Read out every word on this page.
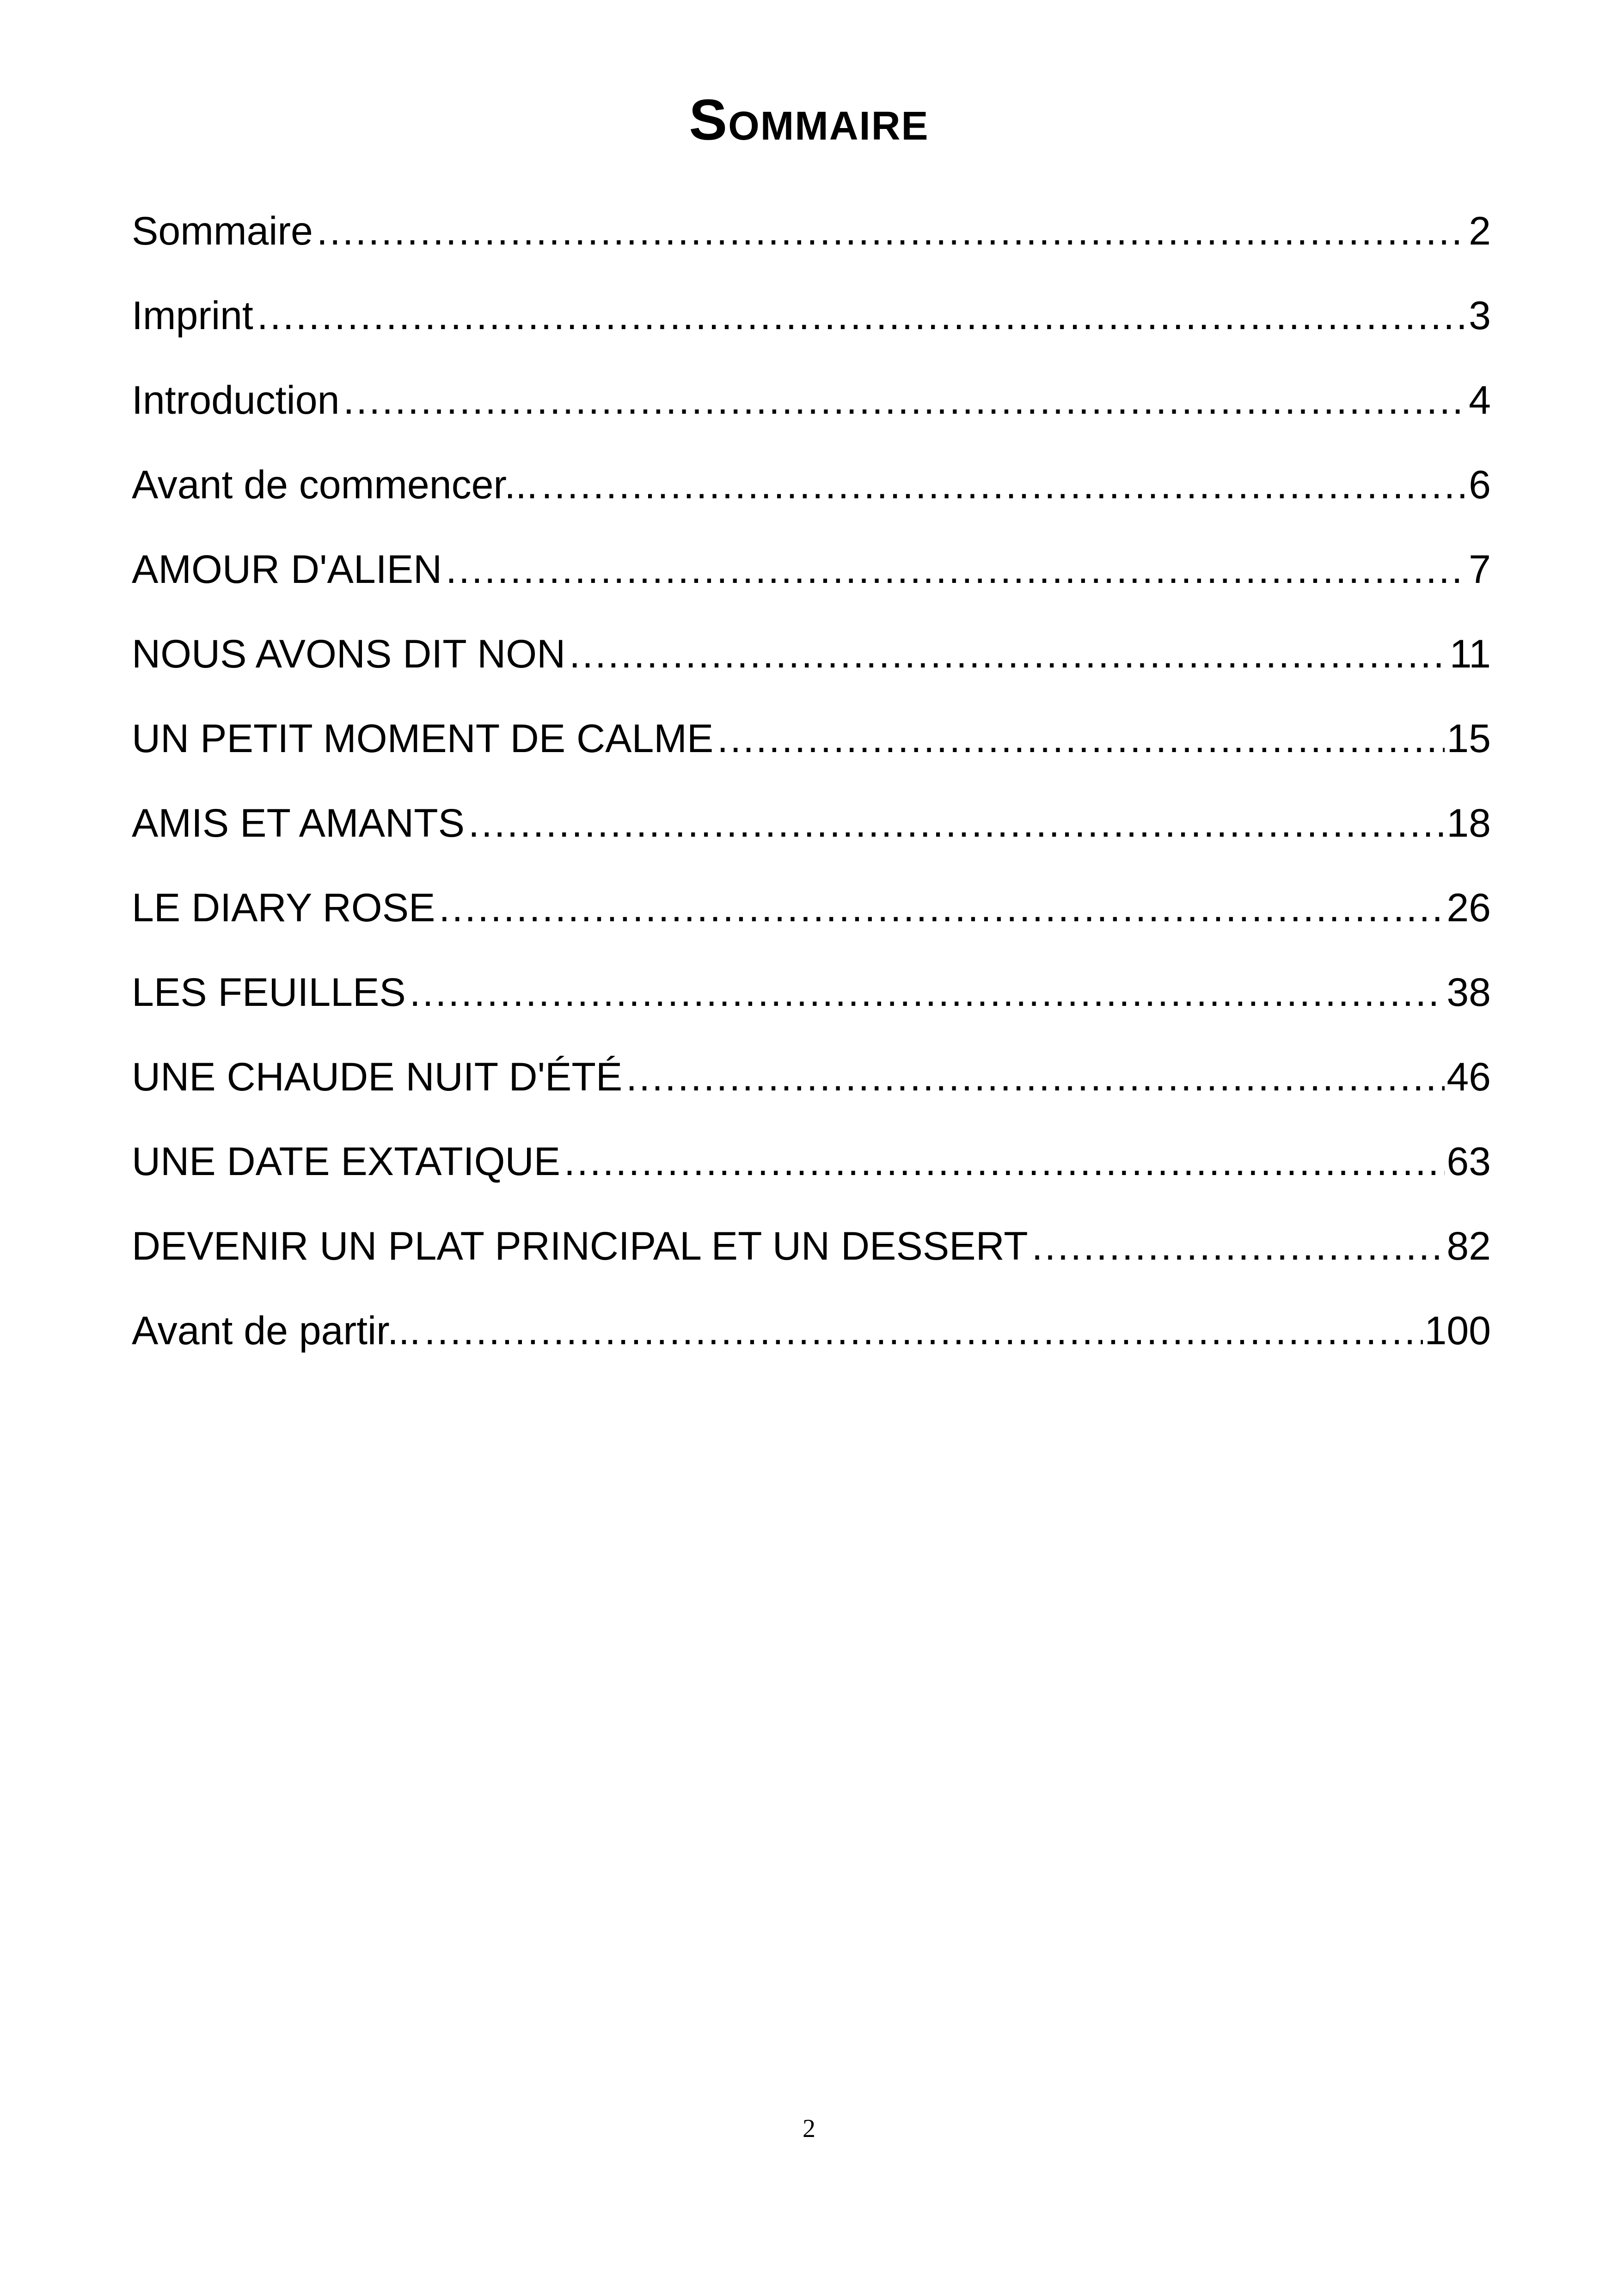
Sommaire
Sommaire .....	2
Imprint .....	3
Introduction .....	4
Avant de commencer... .....	6
AMOUR D'ALIEN .....	7
NOUS AVONS DIT NON .....	11
UN PETIT MOMENT DE CALME .....	15
AMIS ET AMANTS .....	18
LE DIARY ROSE .....	26
LES FEUILLES .....	38
UNE CHAUDE NUIT D'ÉTÉ .....	46
UNE DATE EXTATIQUE .....	63
DEVENIR UN PLAT PRINCIPAL ET UN DESSERT .....	82
Avant de partir... .....	100
2
